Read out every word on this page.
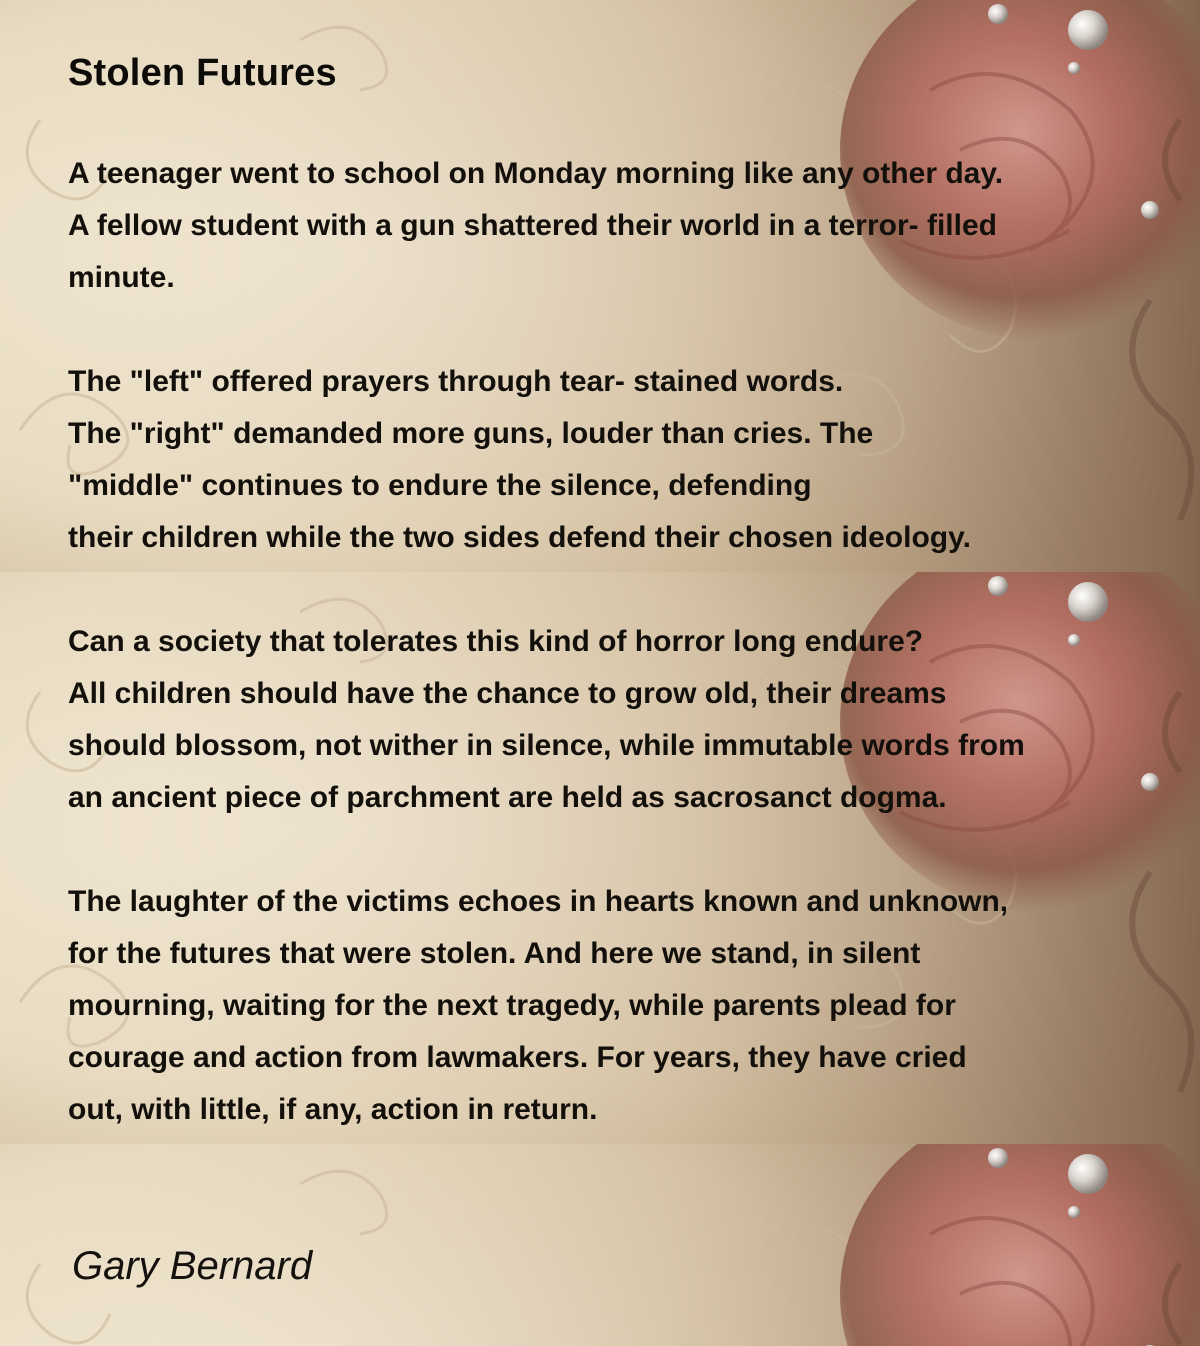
Stolen Futures

A teenager went to school on Monday morning like any other day.
A fellow student with a gun shattered their world in a terror- filled
minute.

The "left" offered prayers through tear- stained words.
The "right" demanded more guns, louder than cries. The
"middle" continues to endure the silence, defending
their children while the two sides defend their chosen ideology.

Can a society that tolerates this kind of horror long endure?
All children should have the chance to grow old, their dreams
should blossom, not wither in silence, while immutable words from
an ancient piece of parchment are held as sacrosanct dogma.

The laughter of the victims echoes in hearts known and unknown,
for the futures that were stolen. And here we stand, in silent
mourning, waiting for the next tragedy, while parents plead for
courage and action from lawmakers. For years, they have cried
out, with little, if any, action in return.

Gary Bernard
